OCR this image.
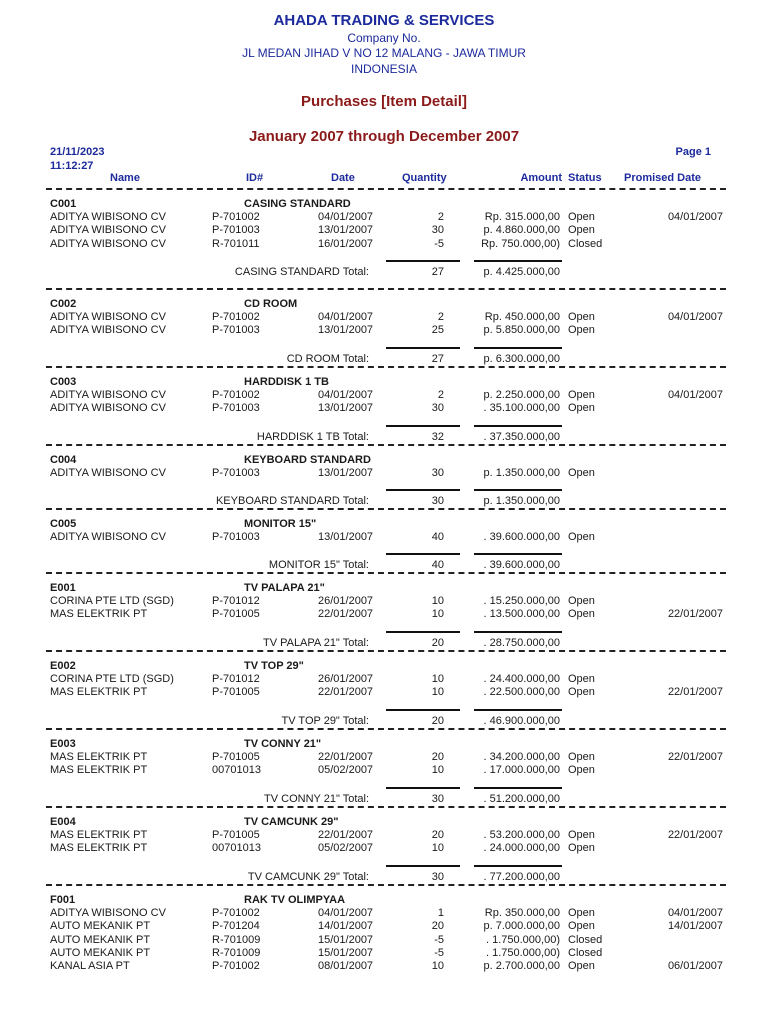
AHADA TRADING & SERVICES
Company No.
JL MEDAN JIHAD V NO 12 MALANG - JAWA TIMUR
INDONESIA
Purchases [Item Detail]
January 2007 through December 2007
21/11/2023
11:12:27
Page 1
Name	ID#	Date	Quantity	Amount Status Promised Date
C001	CASING STANDARD
ADITYA WIBISONO CV	P-701002	04/01/2007	2	Rp. 315.000,00 Open	04/01/2007
ADITYA WIBISONO CV	P-701003	13/01/2007	30	p. 4.860.000,00 Open
ADITYA WIBISONO CV	R-701011	16/01/2007	-5	Rp. 750.000,00) Closed
CASING STANDARD Total:	27	p. 4.425.000,00
C002	CD ROOM
ADITYA WIBISONO CV	P-701002	04/01/2007	2	Rp. 450.000,00 Open	04/01/2007
ADITYA WIBISONO CV	P-701003	13/01/2007	25	p. 5.850.000,00 Open
CD ROOM Total:	27	p. 6.300.000,00
C003	HARDDISK 1 TB
ADITYA WIBISONO CV	P-701002	04/01/2007	2	p. 2.250.000,00 Open	04/01/2007
ADITYA WIBISONO CV	P-701003	13/01/2007	30	. 35.100.000,00 Open
HARDDISK 1 TB Total:	32	. 37.350.000,00
C004	KEYBOARD STANDARD
ADITYA WIBISONO CV	P-701003	13/01/2007	30	p. 1.350.000,00 Open
KEYBOARD STANDARD Total:	30	p. 1.350.000,00
C005	MONITOR 15"
ADITYA WIBISONO CV	P-701003	13/01/2007	40	. 39.600.000,00 Open
MONITOR 15" Total:	40	. 39.600.000,00
E001	TV PALAPA 21"
CORINA PTE LTD (SGD)	P-701012	26/01/2007	10	. 15.250.000,00 Open
MAS ELEKTRIK PT	P-701005	22/01/2007	10	. 13.500.000,00 Open	22/01/2007
TV PALAPA 21" Total:	20	. 28.750.000,00
E002	TV TOP 29"
CORINA PTE LTD (SGD)	P-701012	26/01/2007	10	. 24.400.000,00 Open
MAS ELEKTRIK PT	P-701005	22/01/2007	10	. 22.500.000,00 Open	22/01/2007
TV TOP 29" Total:	20	. 46.900.000,00
E003	TV CONNY 21"
MAS ELEKTRIK PT	P-701005	22/01/2007	20	. 34.200.000,00 Open	22/01/2007
MAS ELEKTRIK PT	00701013	05/02/2007	10	. 17.000.000,00 Open
TV CONNY 21" Total:	30	. 51.200.000,00
E004	TV CAMCUNK 29"
MAS ELEKTRIK PT	P-701005	22/01/2007	20	. 53.200.000,00 Open	22/01/2007
MAS ELEKTRIK PT	00701013	05/02/2007	10	. 24.000.000,00 Open
TV CAMCUNK 29" Total:	30	. 77.200.000,00
F001	RAK TV OLIMPYAA
ADITYA WIBISONO CV	P-701002	04/01/2007	1	Rp. 350.000,00 Open	04/01/2007
AUTO MEKANIK PT	P-701204	14/01/2007	20	p. 7.000.000,00 Open	14/01/2007
AUTO MEKANIK PT	R-701009	15/01/2007	-5	. 1.750.000,00) Closed
AUTO MEKANIK PT	R-701009	15/01/2007	-5	. 1.750.000,00) Closed
KANAL ASIA PT	P-701002	08/01/2007	10	p. 2.700.000,00 Open	06/01/2007
